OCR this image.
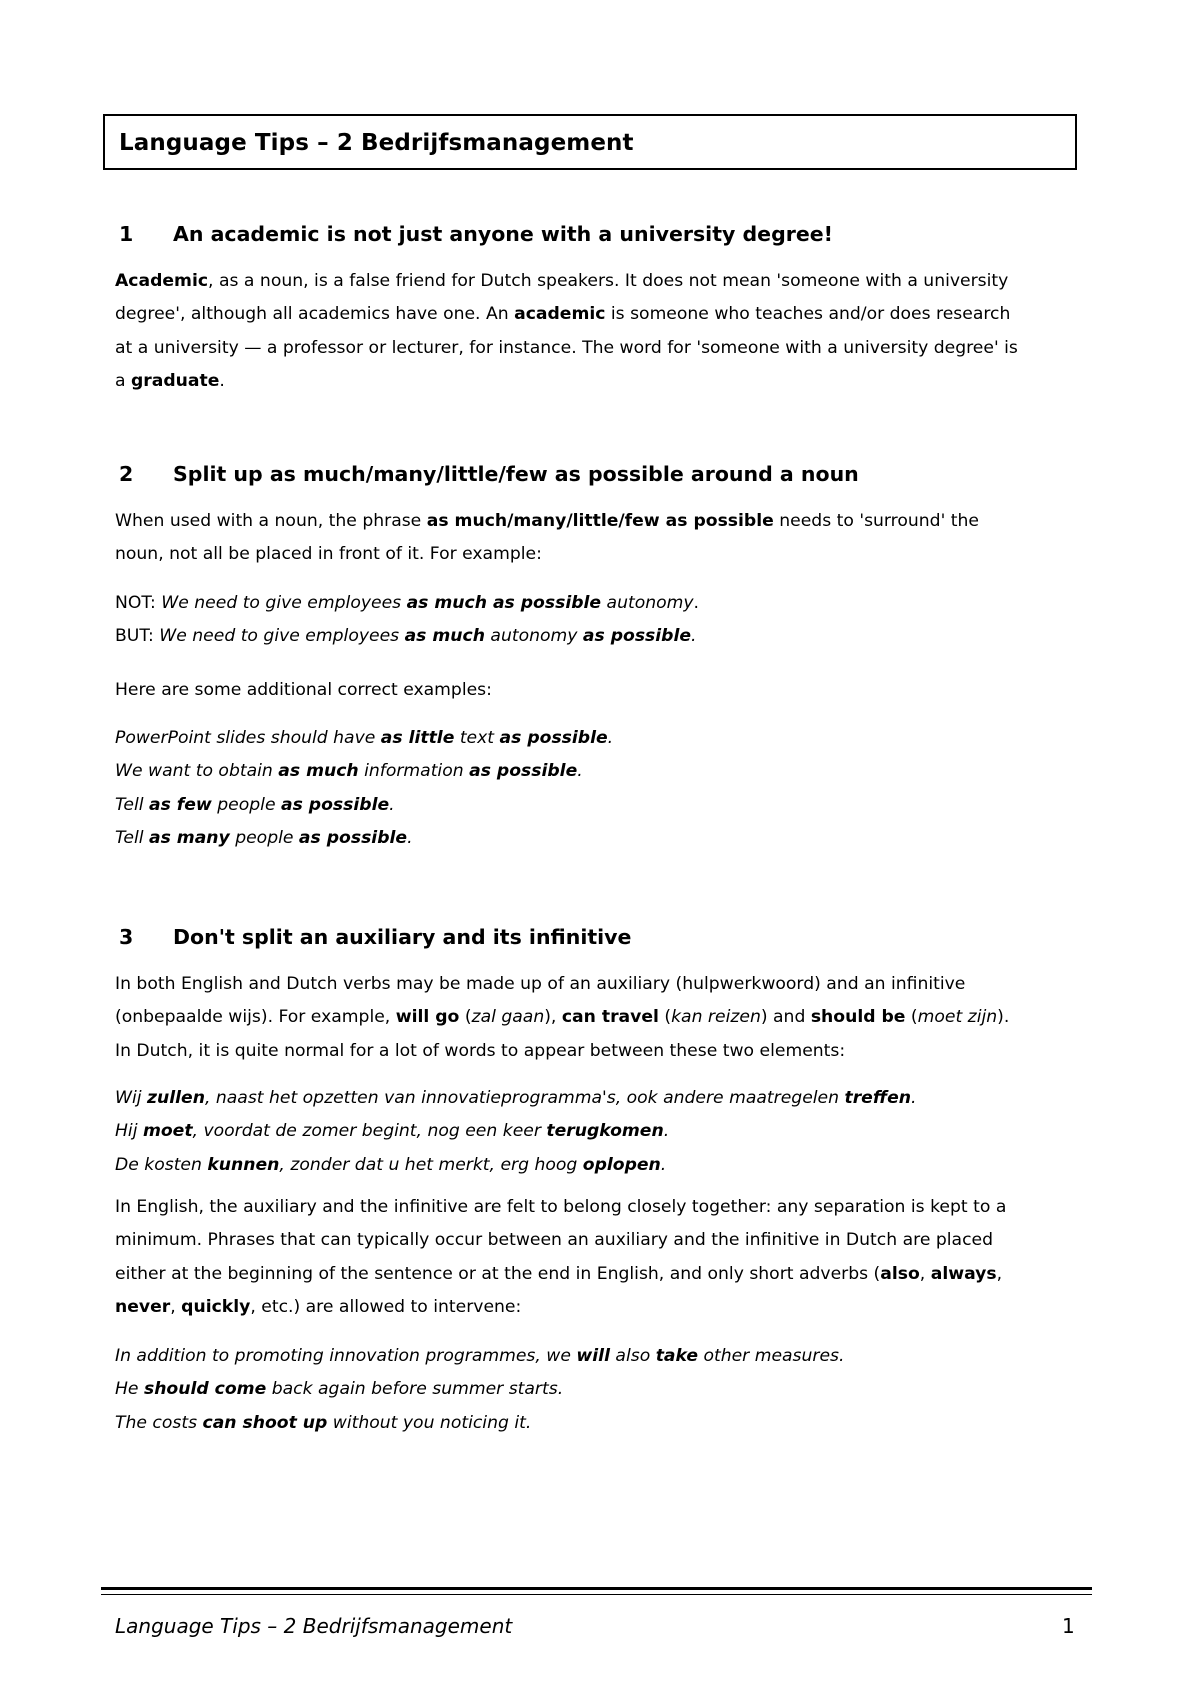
Language Tips – 2 Bedrijfsmanagement
1 An academic is not just anyone with a university degree!
Academic, as a noun, is a false friend for Dutch speakers. It does not mean 'someone with a university
degree', although all academics have one. An academic is someone who teaches and/or does research
at a university — a professor or lecturer, for instance. The word for 'someone with a university degree' is
a graduate.
2 Split up as much/many/little/few as possible around a noun
When used with a noun, the phrase as much/many/little/few as possible needs to 'surround' the
noun, not all be placed in front of it. For example:
NOT: We need to give employees as much as possible autonomy.
BUT: We need to give employees as much autonomy as possible.
Here are some additional correct examples:
PowerPoint slides should have as little text as possible.
We want to obtain as much information as possible.
Tell as few people as possible.
Tell as many people as possible.
3 Don't split an auxiliary and its infinitive
In both English and Dutch verbs may be made up of an auxiliary (hulpwerkwoord) and an infinitive
(onbepaalde wijs). For example, will go (zal gaan), can travel (kan reizen) and should be (moet zijn).
In Dutch, it is quite normal for a lot of words to appear between these two elements:
Wij zullen, naast het opzetten van innovatieprogramma's, ook andere maatregelen treffen.
Hij moet, voordat de zomer begint, nog een keer terugkomen.
De kosten kunnen, zonder dat u het merkt, erg hoog oplopen.
In English, the auxiliary and the infinitive are felt to belong closely together: any separation is kept to a
minimum. Phrases that can typically occur between an auxiliary and the infinitive in Dutch are placed
either at the beginning of the sentence or at the end in English, and only short adverbs (also, always,
never, quickly, etc.) are allowed to intervene:
In addition to promoting innovation programmes, we will also take other measures.
He should come back again before summer starts.
The costs can shoot up without you noticing it.
Language Tips – 2 Bedrijfsmanagement	1
